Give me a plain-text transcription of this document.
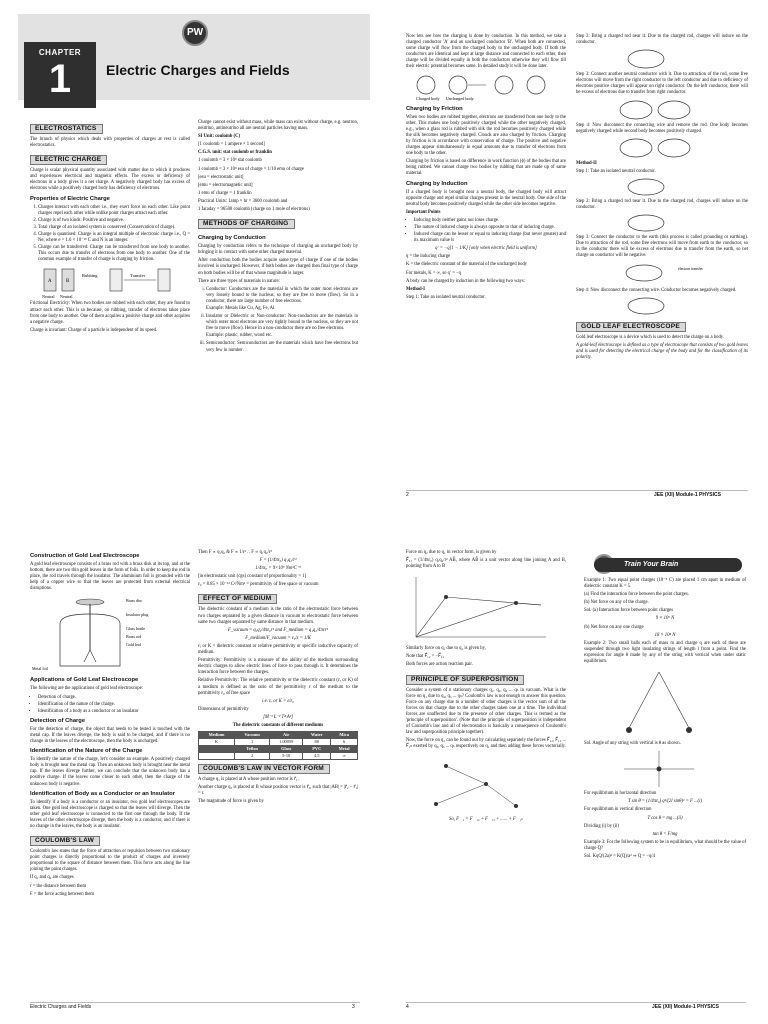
PW
CHAPTER
1	Electric Charges and Fields
ELECTROSTATICS

The branch of physics which deals with properties of charges at rest is called electrostatics.

ELECTRIC CHARGE

Charge is scalar physical quantity associated with matter due to which it produces and experiences electrical and magnetic effects. The excess or deficiency of electrons in a body gives it a net charge. A negatively charged body has excess of electrons while a positively charged body has deficiency of electrons.

Properties of Electric Charge
1. Charges interact with each other i.e., they exert force on each other. Like point charges repel each other while unlike point charges attract each other.
2. Charge is of two kinds: Positive and negative.
3. Total charge of an isolated system is conserved (Conservation of charge).
4. Charge is quantised: Charge is an integral multiple of electronic charge i.e., Q = Ne, where e = 1.6 × 10⁻¹⁹ C and N is an integer.
5. Charge can be transferred: Charge can be transferred from one body to another. This occurs due to transfer of electrons from one body to another. One of the common example of transfer of charge is charging by friction.
A	B
Rubbing	Transfer
Neutral Neutral

Frictional Electricity: When two bodies are rubbed with each other, they are found to attract each other. This is so because, on rubbing, transfer of electrons takes place from one body to another. One of them acquires a positive charge and other acquires a negative charge.

Charge is invariant: Charge of a particle is independent of its speed.

Charge cannot exist without mass, while mass can exist without charge, e.g. neutron, neutrino, antineutrino all are neutral particles having mass.

SI Unit: coulomb (C)

[1 coulomb = 1 ampere × 1 second]

C.G.S. unit: stat coulomb or franklin

1 coulomb = 3 × 10⁹ stat coulomb

1 coulomb = 3 × 10⁹ esu of charge = 1/10 emu of charge

[esu = electrostatic unit]

[emu = electromagnetic unit]

1 emu of charge = 1 franklin

Practical Units: 1amp × hr = 3600 coulomb and

1 faraday = 96500 coulomb (charge on 1 mole of electrons)

METHODS OF CHARGING
Charging by Conduction

Charging by conduction refers to the technique of charging an uncharged body by bringing it in contact with some other charged material.

After conduction both the bodies acquire same type of charge if one of the bodies involved is uncharged. However, if both bodies are charged then final type of charge on both bodies will be of that whose magnitude is larger.

There are three types of materials in nature:

i. Conductor: Conductors are the material in which the outer most electrons are very loosely bound to the nucleus, so they are free to move (flow). So in a conductor, there are large number of free electrons.

Example: Metals like Cu, Ag, Fe, Al.

ii. Insulator or Dielectric or Non-conductor: Non-conductors are the materials in which outer most electrons are very tightly bound to the nucleus, so they are not free to move (flow). Hence in a non-conductor there are no free electrons.

Example: plastic, rubber, wood etc.

iii. Semiconductor: Semiconductors are the materials which have free electrons but very few in number.

Now lets see how the charging is done by conduction. In this method, we take a charged conductor 'A' and an uncharged conductor 'B'. When both are connected, some charge will flow from the charged body to the uncharged body. If both the conductors are identical and kept at large distance and connected to each other, then charge will be divided equally in both the conductors otherwise they will flow till their electric potential becomes same. In detailed study it will be done later.

Charged body Uncharged body
Charging by Friction

When two bodies are rubbed together, electrons are transferred from one body to the other. This makes one body positively charged while the other negatively charged, e.g., when a glass rod is rubbed with silk the rod becomes positively charged while the silk becomes negatively charged. Clouds are also charged by friction. Charging by friction is in accordance with conservation of charge. The positive and negative charges appear simultaneously in equal amounts due to transfer of electrons from one body to the other.

Charging by friction is based on difference in work function (ϕ) of the bodies that are being rubbed. We cannot charge two bodies by rubbing that are made up of same material.

Charging by Induction

If a charged body is brought near a neutral body, the charged body will attract opposite charge and repel similar charges present in the neutral body. One side of the neutral body becomes positively charged while the other side becomes negative.

Important Points

• Inducing body neither gains nor loses charge.
• The nature of induced charge is always opposite to that of inducing charge.
• Induced charge can be lesser or equal to inducing charge (but never greater) and its maximum value is

q′ = −q[1 − 1/K] [only when electric field is uniform]

q = the inducing charge

K = the dielectric constant of the material of the uncharged body

For metals, K = ∞, so q′ = −q

A body can be charged by induction in the following two ways:

Method-I

Step 1: Take an isolated neutral conductor.

Step 2: Bring a charged rod near it. Due to the charged rod, charges will induce on the conductor.

Step 3: Connect another neutral conductor with it. Due to attraction of the rod, some free electrons will move from the right conductor to the left conductor and due to deficiency of electrons positive charges will appear on right conductor. On the left conductor, there will be excess of electrons due to transfer from right conductor.

Step 4: Now disconnect the connecting wire and remove the rod. One body becomes negatively charged while second body becomes positively charged.

Method-II

Step 1: Take an isolated neutral conductor.

Step 2: Bring a charged rod near it. Due to the charged rod, charges will induce on the conductor.

Step 3: Connect the conductor to the earth (this process is called grounding or earthing). Due to attraction of the rod, some free electrons will move from earth to the conductor, so in the conductor there will be excess of electrons due to transfer from the earth, so net charge on conductor will be negative.

electron transfer

Step 4: Now disconnect the connecting wire. Conductor becomes negatively charged.

GOLD LEAF ELECTROSCOPE

Gold leaf electroscope is a device which is used to detect the charge on a body.

A gold-leaf electroscope is defined as a type of electroscope that consists of two gold leaves and is used for detecting the electrical charge of the body and for the classification of its polarity.

2	JEE (XII) Module-1 PHYSICS
Construction of Gold Leaf Electroscope

A gold leaf electroscope consists of a brass rod with a brass disk at its top, and at the bottom, there are two thin gold leaves in the form of foils. In order to keep the rod in place, the rod travels through the insulator. The aluminium foil is grounded with the help of a copper wire so that the leaves are protected from external electrical disruptions.

Brass disc
Insulator plug
Glass bottle
Brass rod
Gold leaf
Metal foil
Applications of Gold Leaf Electroscope

The following are the applications of gold leaf electroscope:

• Detection of charge.
• Identification of the nature of the charge.
• Identification of a body as a conductor or an insulator
Detection of Charge

For the detection of charge, the object that needs to be tested is touched with the metal cap. If the leaves diverge, the body is said to be charged, and if there is no change in the leaves of the electroscope, then the body is uncharged.

Identification of the Nature of the Charge

To identify the nature of the charge, let's consider an example. A positively charged body is brought near the metal cap. Then an unknown body is brought near the metal cap. If the leaves diverge further, we can conclude that the unknown body has a positive charge. If the leaves come closer to each other, then the charge of the unknown body is negative.

Identification of Body as a Conductor or an Insulator

To identify if a body is a conductor or an insulator, two gold leaf electroscopes are taken. One gold leaf electroscope is charged so that the leaves will diverge. Then the other gold leaf electroscope is connected to the first one through the body. If the leaves of the other electroscope diverge, then the body is a conductor, and if there is no change in the leaves, the body is an insulator.

COULOMB'S LAW

Coulomb's law states that the force of attraction or repulsion between two stationary point charges is directly proportional to the product of charges and inversely proportional to the square of distance between them. This force acts along the line joining the point charges.

If q₁ and q₂ are charges

r = the distance between them

F = the force acting between them

Then F ∝ q₁q₂ & F ∝ 1/r² ∴ F ∝ q₁q₂/r²

F = (1/4πε₀) q₁q₂/r²

1/4πε₀ = 9×10⁹ Nm²C⁻²

[in electrostatic unit (cgs) constant of proportionality = 1]

ε₀ = 8.85 × 10⁻¹² C²/Nm² = permittivity of free space or vacuum

EFFECT OF MEDIUM

The dielectric constant of a medium is the ratio of the electrostatic force between two charges separated by a given distance in vacuum to electrostatic force between same two charges separated by same distance in that medium.

F_vacuum = q₁q₂/4πε₀r² and F_medium = q₁q₂/4πεr²

F_medium/F_vacuum = ε₀/ε = 1/K

ε, or K = dielectric constant or relative permittivity or specific inductive capacity of medium.

Permittivity: Permittivity is a measure of the ability of the medium surrounding electric charges to allow electric lines of force to pass through it. It determines the interaction force between the charges.

Relative Permittivity: The relative permittivity or the dielectric constant (εᵣ or K) of a medium is defined as the ratio of the permittivity ε of the medium to the permittivity ε₀ of free space

i.e. εᵣ or K = ε/ε₀

Dimensions of permittivity

[M⁻¹ L⁻³ T⁴ A²]

The dielectric constants of different mediums

Medium	Vacuum	Air	Water	Mica
K	1	1.00059	80	6
	Teflon	Glass	PVC	Metal
	2	5-10	4.5	∞
COULOMB'S LAW IN VECTOR FORM

A charge q₁ is placed at A whose position vector is r⃗₁.

Another charge q₂ is placed at B whose position vector is r⃗₂, such that |AB| = |r⃗₂ − r⃗₁| = r.

The magnitude of force is given by

Electric Charges and Fields	3

Force on q₂ due to q₁ in vector form, is given by

F⃗₂₁ = (1/4πε₀) q₁q₂/r² AB̂, where AB̂ is a unit vector along line joining A and B, pointing from A to B

Similarly force on q₁ due to q₂ is given by,

Note that F⃗₁₂ = −F⃗₂₁

Both forces are action reaction pair.

PRINCIPLE OF SUPERPOSITION

Consider a system of n stationary charges q₁, q₂, q₃ ... qₙ in vacuum. What is the force on q₁ due to q₂, q₃ ... qₙ? Coulomb's law is not enough to answer this question. Force on any charge due to a number of other charges is the vector sum of all the forces on that charge due to the other charges taken one at a time. The individual forces are unaffected due to the presence of other charges. This is termed as the 'principle of superposition'. (Note that the principle of superposition is independent of Coulomb's law and all of electrostatics is basically a consequence of Coulomb's law and superposition principle together).

Now, the force on q₁ can be found out by calculating separately the forces F⃗₁₂, F⃗₁₃ ... F⃗₁ₙ exerted by q₂, q₃ ... qₙ respectively on q₁ and then adding these forces vectorially.

So, F⃗₁ = F⃗₁₂ + F⃗₁₃ + ...... + F⃗₁ₙ

Train Your Brain

Example 1: Two equal point charges (10⁻⁵ C) are placed 1 cm apart in medium of dielectric constant K = 5.

(a) Find the interaction force between the point charges.

(b) Net force on any of the charge.

Sol. (a) Interaction force between point charges

9 × 10⁹ N

(b) Net force on any one charge

18 × 10⁸ N

Example 2: Two small balls each of mass m and charge q are each of these are suspended through two light insulating strings of length l from a point. Find the expression for angle θ made by any of the string with vertical when under static equilibrium.

Sol. Angle of any string with vertical is θ as shown.

For equilibrium in horizontal direction

T sin θ = (1/4πε₀) q²/(2l sinθ)² = F ...(i)

For equilibrium in vertical direction

T cos θ = mg ...(ii)

Dividing (i) by (ii)

tan θ = F/mg

Example 3: For the following system to be in equilibrium, what should be the value of charge Q?

Sol. KqQ/(2a)² = K(Q)/a² ⇒ Q = −q/4

4	JEE (XII) Module-1 PHYSICS
